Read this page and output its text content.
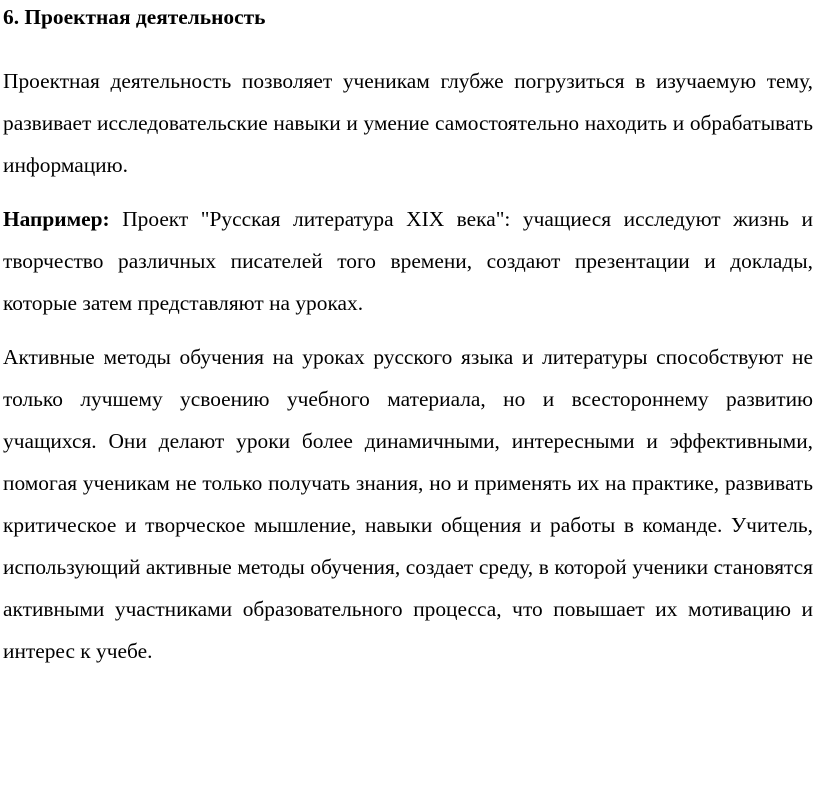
6. Проектная деятельность

Проектная деятельность позволяет ученикам глубже погрузиться в изучаемую тему, развивает исследовательские навыки и умение самостоятельно находить и обрабатывать информацию.

Например: Проект "Русская литература XIX века": учащиеся исследуют жизнь и творчество различных писателей того времени, создают презентации и доклады, которые затем представляют на уроках.

Активные методы обучения на уроках русского языка и литературы способствуют не только лучшему усвоению учебного материала, но и всестороннему развитию учащихся. Они делают уроки более динамичными, интересными и эффективными, помогая ученикам не только получать знания, но и применять их на практике, развивать критическое и творческое мышление, навыки общения и работы в команде. Учитель, использующий активные методы обучения, создает среду, в которой ученики становятся активными участниками образовательного процесса, что повышает их мотивацию и интерес к учебе.
